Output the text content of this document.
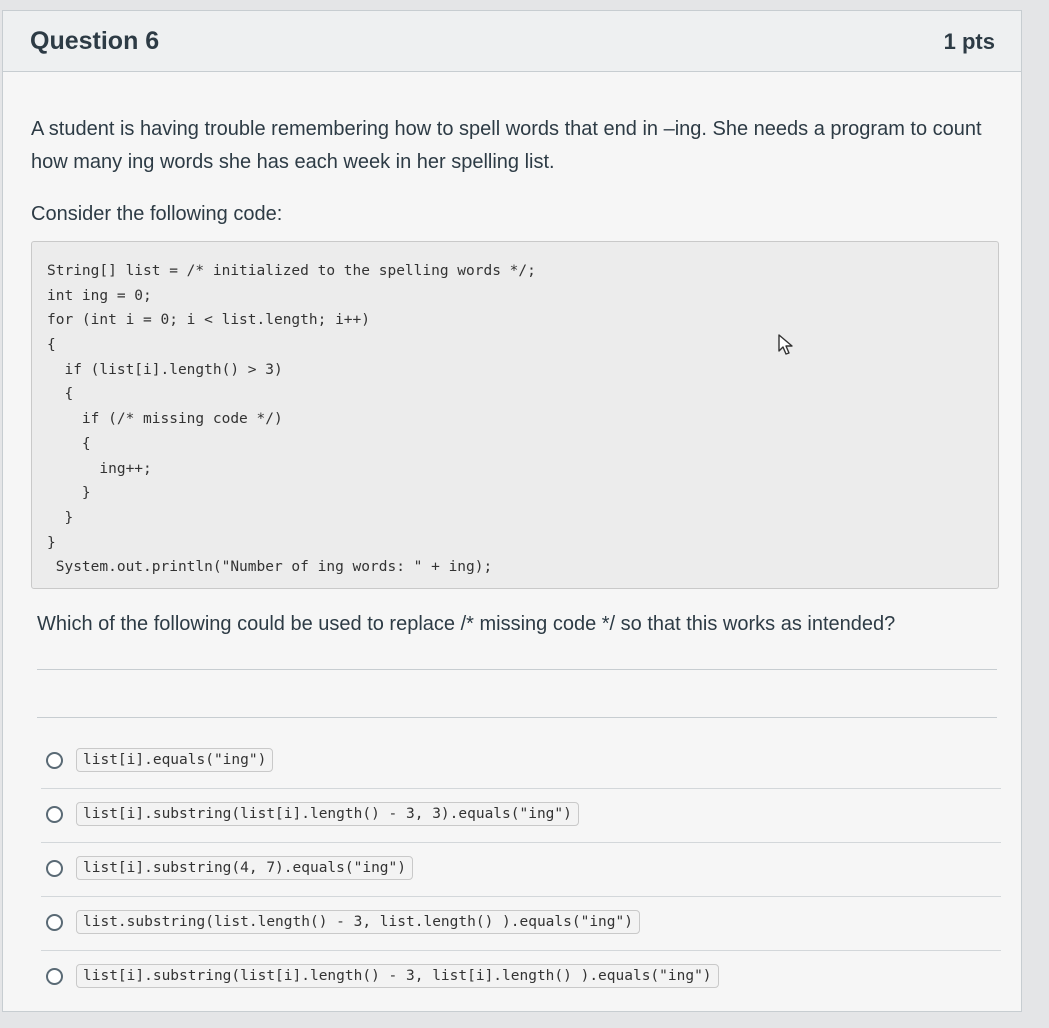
Question 6	1 pts
A student is having trouble remembering how to spell words that end in –ing. She needs a program to count how many ing words she has each week in her spelling list.
Consider the following code:
String[] list = /* initialized to the spelling words */;
int ing = 0;
for (int i = 0; i < list.length; i++)
{
if (list[i].length() > 3)
{
if (/* missing code */)
{
ing++;
}
}
}
System.out.println("Number of ing words: " + ing);
Which of the following could be used to replace /* missing code */ so that this works as intended?
list[i].equals("ing")
list[i].substring(list[i].length() - 3, 3).equals("ing")
list[i].substring(4, 7).equals("ing")
list.substring(list.length() - 3, list.length() ).equals("ing")
list[i].substring(list[i].length() - 3, list[i].length() ).equals("ing")
